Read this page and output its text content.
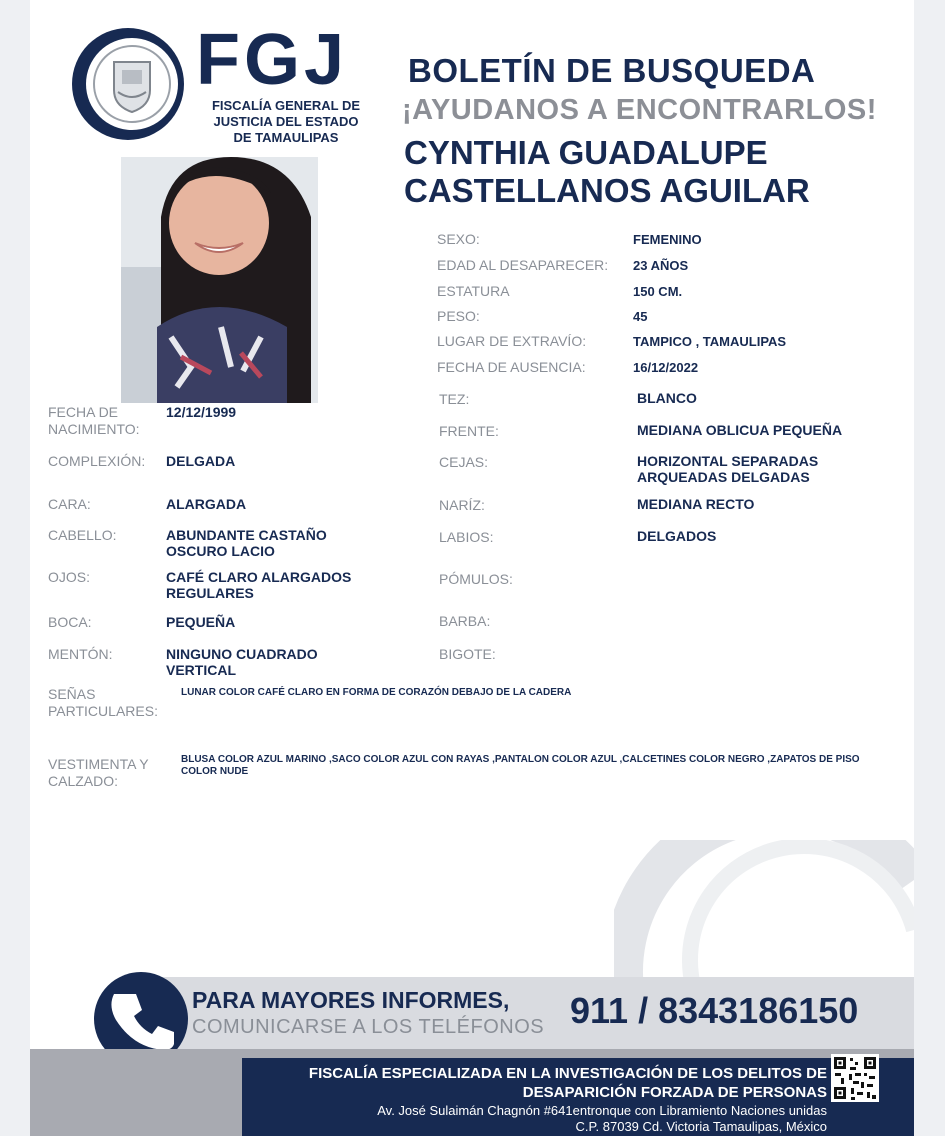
FGJ
FISCALÍA GENERAL DE
JUSTICIA DEL ESTADO
DE TAMAULIPAS
BOLETÍN DE BUSQUEDA
¡AYUDANOS A ENCONTRARLOS!
CYNTHIA GUADALUPE
CASTELLANOS AGUILAR
SEXO:	FEMENINO
EDAD AL DESAPARECER: 23 AÑOS
ESTATURA	150 CM.
PESO:	45
LUGAR DE EXTRAVÍO:	TAMPICO , TAMAULIPAS
FECHA DE AUSENCIA:	16/12/2022
FECHA DE NACIMIENTO:
12/12/1999
COMPLEXIÓN:	DELGADA
CARA:	ALARGADA
CABELLO:	ABUNDANTE CASTAÑO OSCURO LACIO
OJOS:	CAFÉ CLARO ALARGADOS REGULARES
BOCA:	PEQUEÑA
MENTÓN:	NINGUNO CUADRADO VERTICAL
TEZ:	BLANCO
FRENTE:	MEDIANA OBLICUA PEQUEÑA
CEJAS:	HORIZONTAL SEPARADAS ARQUEADAS DELGADAS
NARÍZ:	MEDIANA RECTO
LABIOS:	DELGADOS
PÓMULOS:
BARBA:
BIGOTE:
SEÑAS PARTICULARES:
LUNAR COLOR CAFÉ CLARO EN FORMA DE CORAZÓN DEBAJO DE LA CADERA
VESTIMENTA Y CALZADO:
BLUSA COLOR AZUL MARINO ,SACO COLOR AZUL CON RAYAS ,PANTALON COLOR AZUL ,CALCETINES COLOR NEGRO ,ZAPATOS DE PISO COLOR NUDE
PARA MAYORES INFORMES,
COMUNICARSE A LOS TELÉFONOS 911 / 8343186150
FISCALÍA ESPECIALIZADA EN LA INVESTIGACIÓN DE LOS DELITOS DE
DESAPARICIÓN FORZADA DE PERSONAS
Av. José Sulaimán Chagnón #641entronque con Libramiento Naciones unidas
C.P. 87039 Cd. Victoria Tamaulipas, México
